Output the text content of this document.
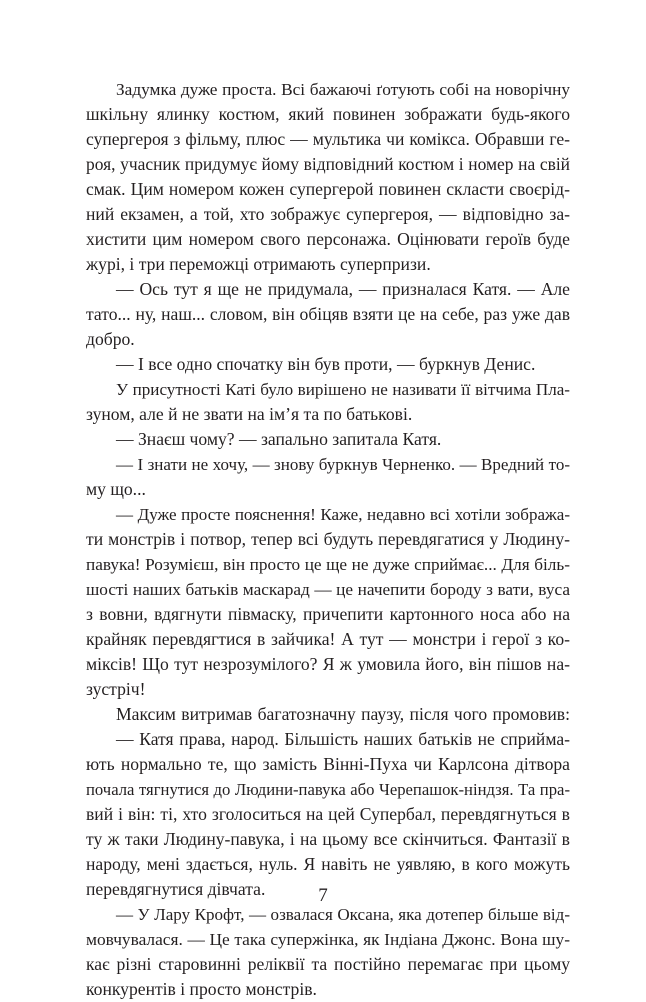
Задумка дуже проста. Всі бажаючі ґотують собі на новорічну
шкільну ялинку костюм, який повинен зображати будь-якого
супергероя з фільму, плюс — мультика чи комікса. Обравши ге-
роя, учасник придумує йому відповідний костюм і номер на свій
смак. Цим номером кожен супергерой повинен скласти своєрід-
ний екзамен, а той, хто зображує супергероя, — відповідно за-
хистити цим номером свого персонажа. Оцінювати героїв буде
журі, і три переможці отримають суперпризи.
— Ось тут я ще не придумала, — призналася Катя. — Але
тато... ну, наш... словом, він обіцяв взяти це на себе, раз уже дав
добро.
— І все одно спочатку він був проти, — буркнув Денис.
У присутності Каті було вирішено не називати її вітчима Пла-
зуном, але й не звати на ім’я та по батькові.
— Знаєш чому? — запально запитала Катя.
— І знати не хочу, — знову буркнув Черненко. — Вредний то-
му що...
— Дуже просте пояснення! Каже, недавно всі хотіли зобража-
ти монстрів і потвор, тепер всі будуть перевдягатися у Людину-
павука! Розумієш, він просто це ще не дуже сприймає... Для біль-
шості наших батьків маскарад — це начепити бороду з вати, вуса
з вовни, вдягнути півмаску, причепити картонного носа або на
крайняк перевдягтися в зайчика! А тут — монстри і герої з ко-
міксів! Що тут незрозумілого? Я ж умовила його, він пішов на-
зустріч!
Максим витримав багатозначну паузу, після чого промовив:
— Катя права, народ. Більшість наших батьків не сприйма-
ють нормально те, що замість Вінні-Пуха чи Карлсона дітвора
почала тягнутися до Людини-павука або Черепашок-ніндзя. Та пра-
вий і він: ті, хто зголоситься на цей Супербал, перевдягнуться в
ту ж таки Людину-павука, і на цьому все скінчиться. Фантазії в
народу, мені здається, нуль. Я навіть не уявляю, в кого можуть
перевдягнутися дівчата.
— У Лару Крофт, — озвалася Оксана, яка дотепер більше від-
мовчувалася. — Це така супержінка, як Індіана Джонс. Вона шу-
кає різні старовинні реліквії та постійно перемагає при цьому
конкурентів і просто монстрів.
7
